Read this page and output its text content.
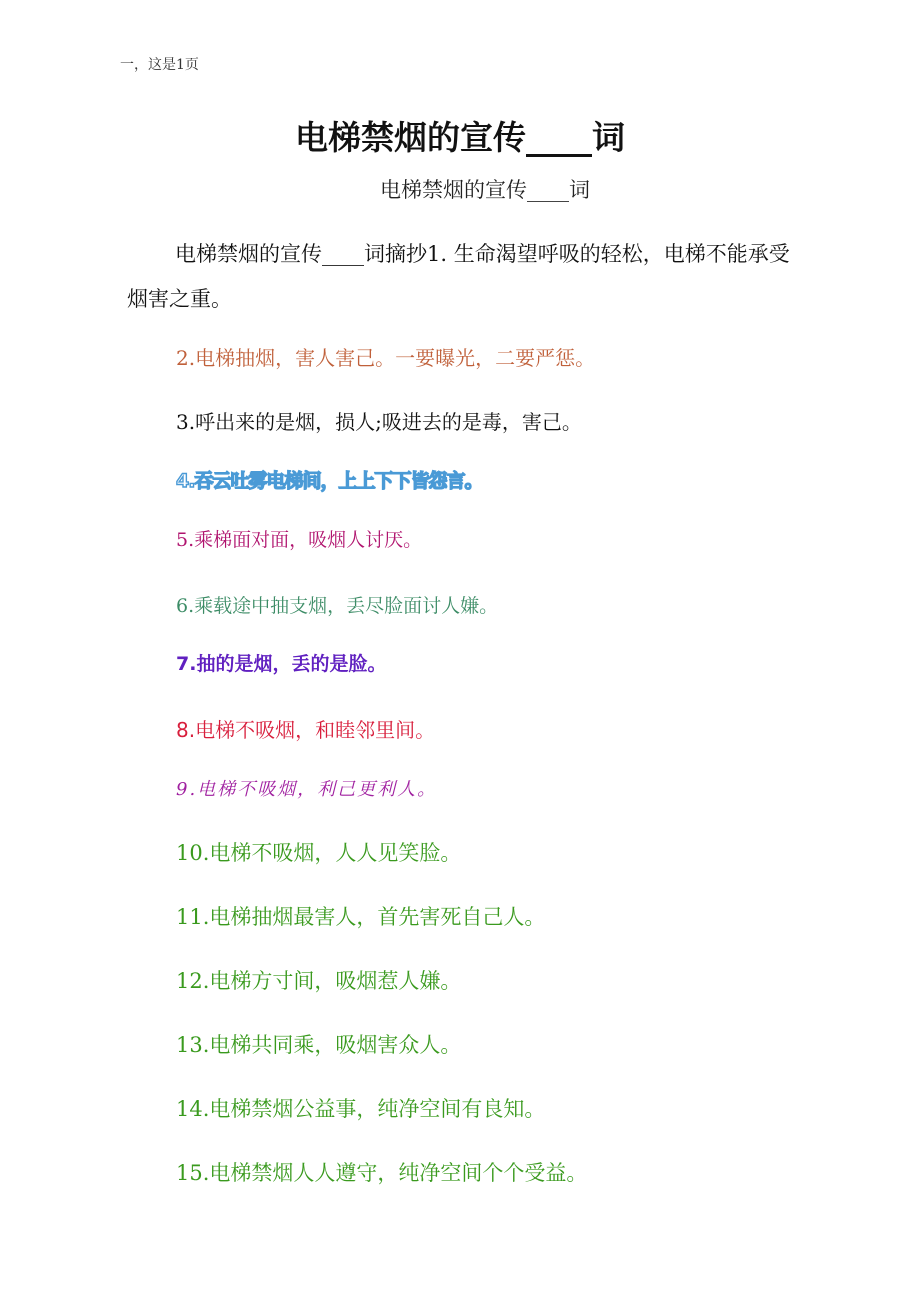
一，这是1页
电梯禁烟的宣传____词
电梯禁烟的宣传____词
电梯禁烟的宣传____词摘抄1. 生命渴望呼吸的轻松，电梯不能承受烟害之重。
2.电梯抽烟，害人害己。一要曝光，二要严惩。
3.呼出来的是烟，损人;吸进去的是毒，害己。
4.吞云吐雾电梯间，上上下下皆怨言。
5.乘梯面对面，吸烟人讨厌。
6.乘载途中抽支烟，丢尽脸面讨人嫌。
7.抽的是烟，丢的是脸。
8.电梯不吸烟，和睦邻里间。
9.电梯不吸烟，利己更利人。
10.电梯不吸烟，人人见笑脸。
11.电梯抽烟最害人，首先害死自己人。
12.电梯方寸间，吸烟惹人嫌。
13.电梯共同乘，吸烟害众人。
14.电梯禁烟公益事，纯净空间有良知。
15.电梯禁烟人人遵守，纯净空间个个受益。
